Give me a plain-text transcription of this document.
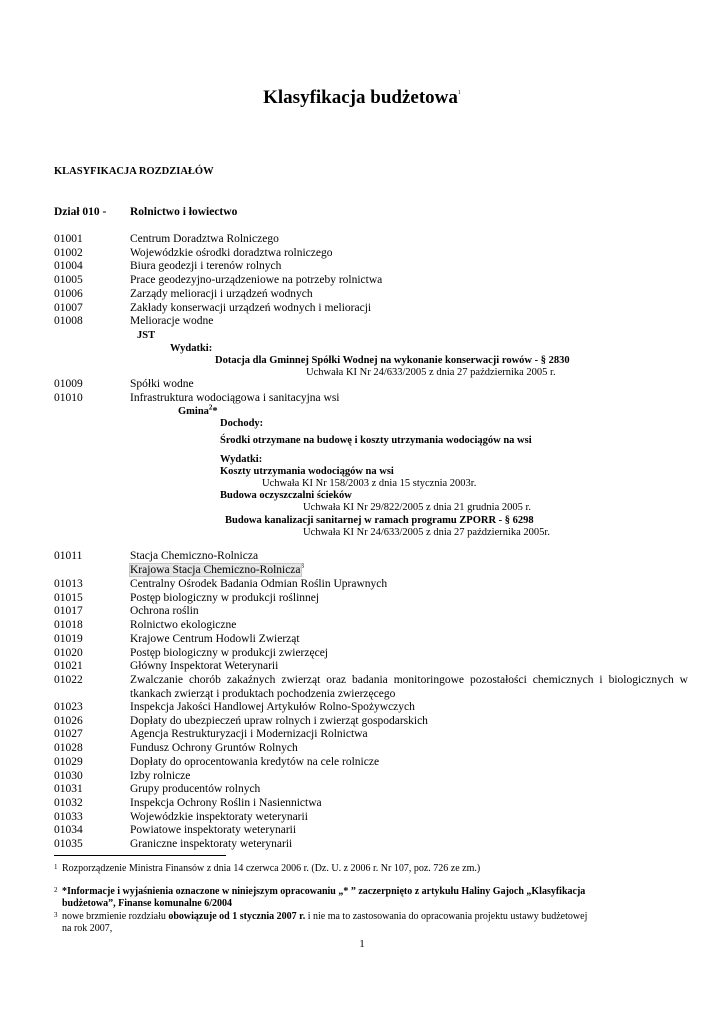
Klasyfikacja budżetowa$^1$
KLASYFIKACJA ROZDZIAŁÓW
Dział 010 - Rolnictwo i łowiectwo
01001	Centrum Doradztwa Rolniczego
01002	Wojewódzkie ośrodki doradztwa rolniczego
01004	Biura geodezji i terenów rolnych
01005	Prace geodezyjno-urządzeniowe na potrzeby rolnictwa
01006	Zarządy melioracji i urządzeń wodnych
01007	Zakłady konserwacji urządzeń wodnych i melioracji
01008	Melioracje wodne
JST
Wydatki:
Dotacja dla Gminnej Spółki Wodnej na wykonanie konserwacji rowów - § 2830
Uchwała KI Nr 24/633/2005 z dnia 27 października 2005 r.
01009	Spółki wodne
01010	Infrastruktura wodociągowa i sanitacyjna wsi
Gmina$^2$*
Dochody:
Środki otrzymane na budowę i koszty utrzymania wodociągów na wsi
Wydatki:
Koszty utrzymania wodociągów na wsi
Uchwała KI Nr 158/2003 z dnia 15 stycznia 2003r.
Budowa oczyszczalni ścieków
Uchwała KI Nr 29/822/2005 z dnia 21 grudnia 2005 r.
Budowa kanalizacji sanitarnej w ramach programu ZPORR - § 6298
Uchwała KI Nr 24/633/2005 z dnia 27 października 2005r.
01011	Stacja Chemiczno-Rolnicza
Krajowa Stacja Chemiczno-Rolnicza$^3$
01013	Centralny Ośrodek Badania Odmian Roślin Uprawnych
01015	Postęp biologiczny w produkcji roślinnej
01017	Ochrona roślin
01018	Rolnictwo ekologiczne
01019	Krajowe Centrum Hodowli Zwierząt
01020	Postęp biologiczny w produkcji zwierzęcej
01021	Główny Inspektorat Weterynarii
01022	Zwalczanie chorób zakaźnych zwierząt oraz badania monitoringowe pozostałości chemicznych i biologicznych w tkankach zwierząt i produktach pochodzenia zwierzęcego
01023	Inspekcja Jakości Handlowej Artykułów Rolno-Spożywczych
01026	Dopłaty do ubezpieczeń upraw rolnych i zwierząt gospodarskich
01027	Agencja Restrukturyzacji i Modernizacji Rolnictwa
01028	Fundusz Ochrony Gruntów Rolnych
01029	Dopłaty do oprocentowania kredytów na cele rolnicze
01030	Izby rolnicze
01031	Grupy producentów rolnych
01032	Inspekcja Ochrony Roślin i Nasiennictwa
01033	Wojewódzkie inspektoraty weterynarii
01034	Powiatowe inspektoraty weterynarii
01035	Graniczne inspektoraty weterynarii
1 Rozporządzenie Ministra Finansów z dnia 14 czerwca 2006 r. (Dz. U. z 2006 r. Nr 107, poz. 726 ze zm.)
2 *Informacje i wyjaśnienia oznaczone w niniejszym opracowaniu „* ” zaczerpnięto z artykułu Haliny Gajoch „Klasyfikacja
budżetowa”, Finanse komunalne 6/2004
3 nowe brzmienie rozdziału obowiązuje od 1 stycznia 2007 r. i nie ma to zastosowania do opracowania projektu ustawy budżetowej
na rok 2007,
1
